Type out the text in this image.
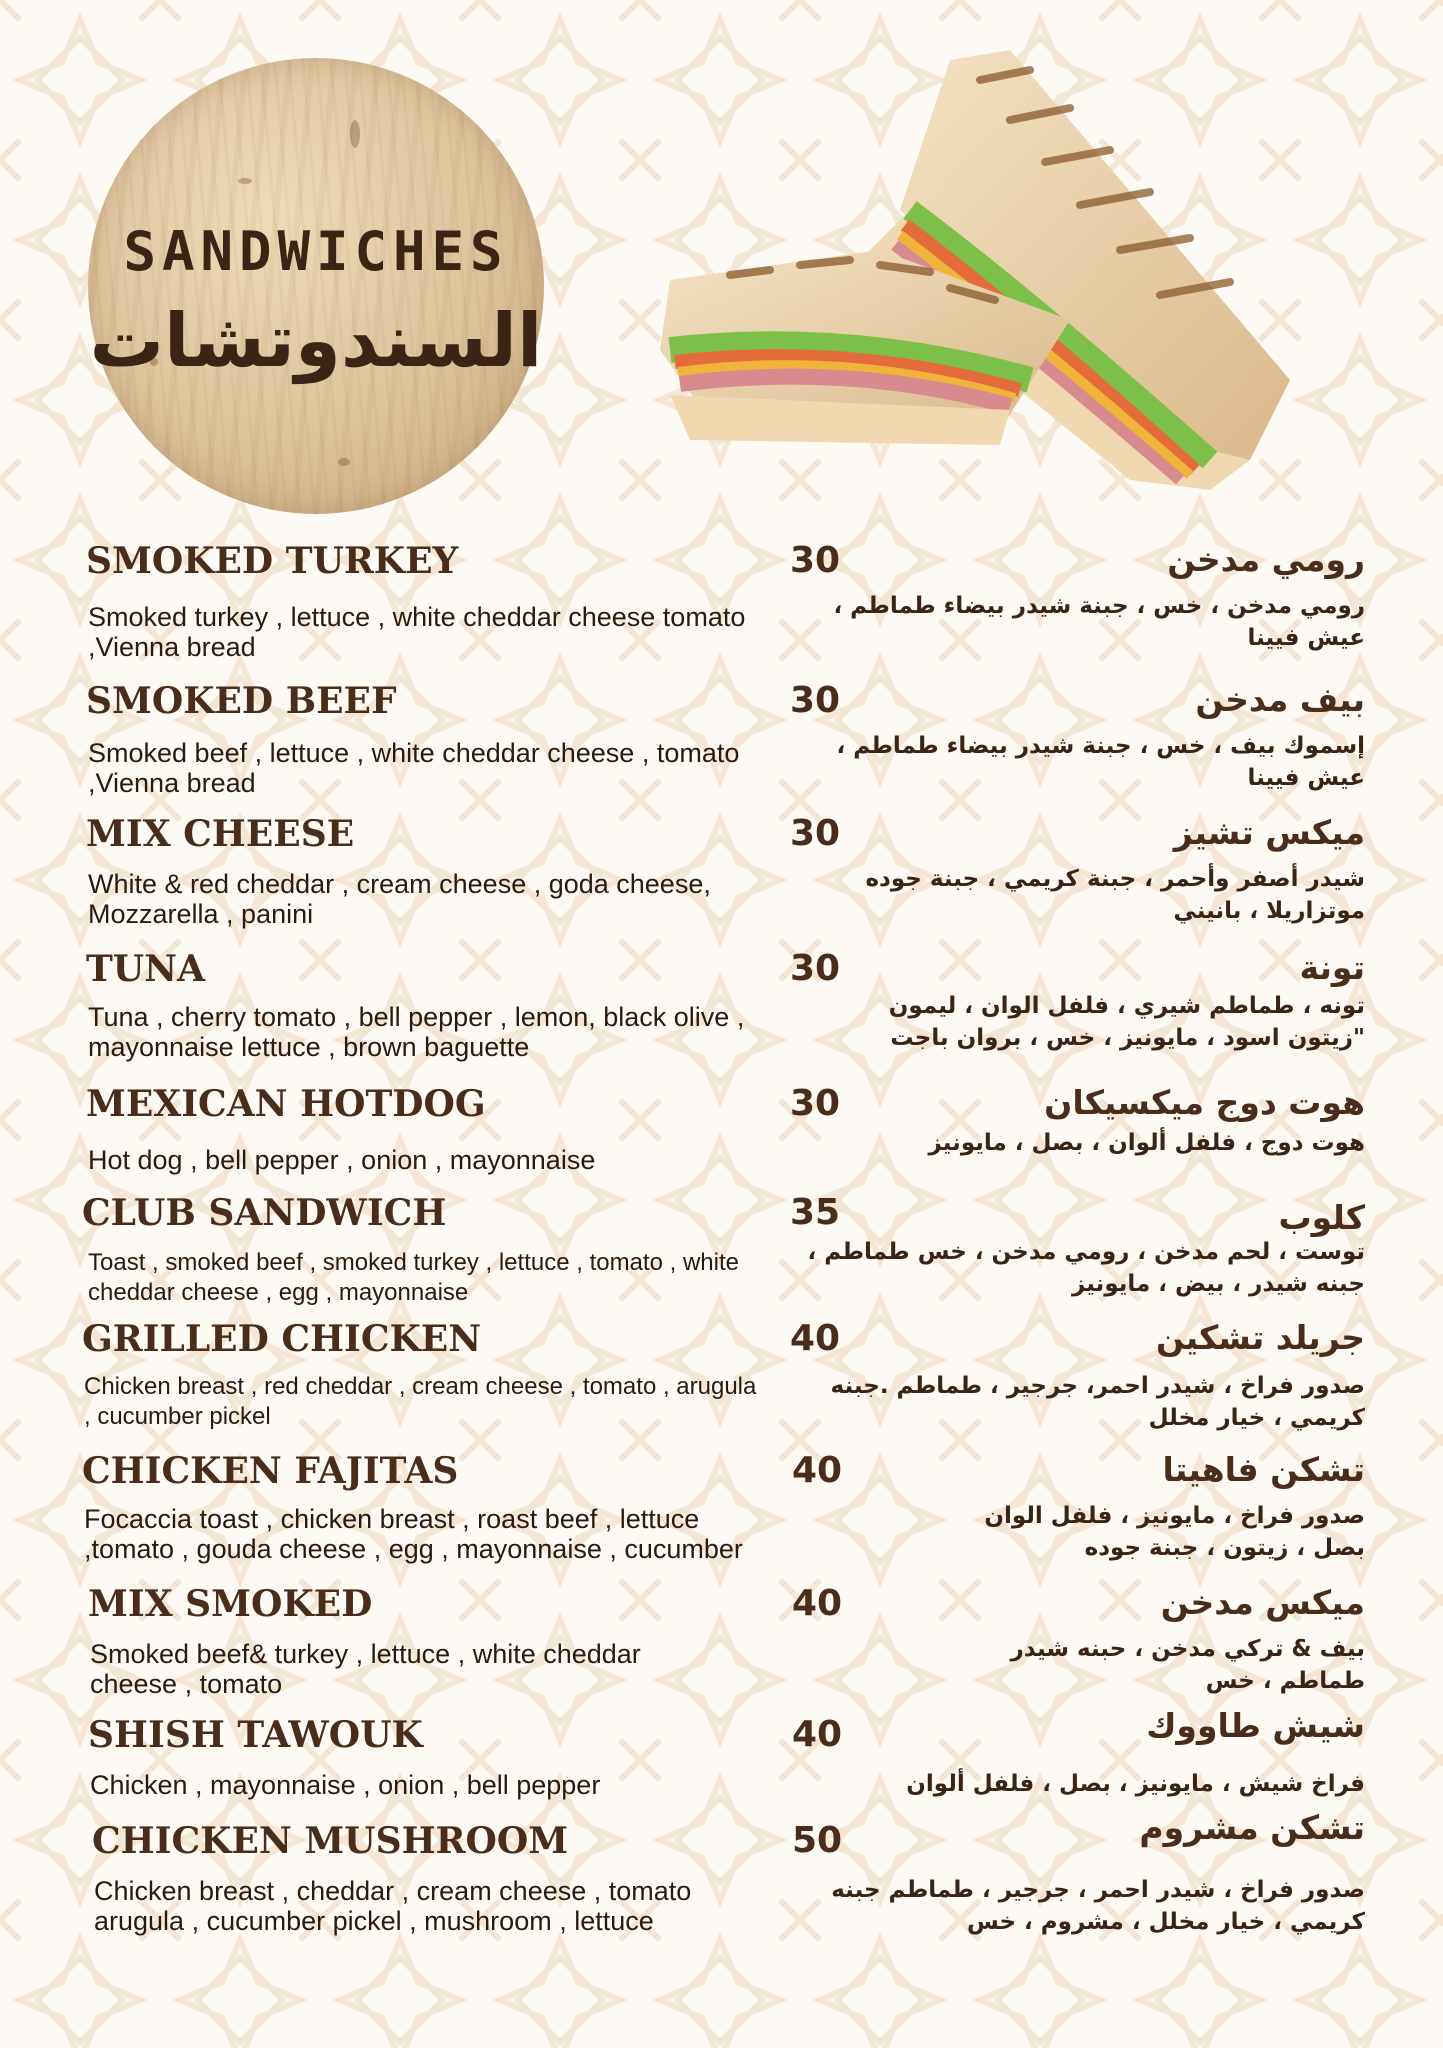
SANDWICHES
السندوتشات
SMOKED TURKEY	30
Smoked turkey , lettuce , white cheddar cheese tomato ,Vienna bread
رومي مدخن
رومي مدخن ، خس ، جبنة شيدر بيضاء طماطم ، عيش فيينا
SMOKED BEEF	30
Smoked beef , lettuce , white cheddar cheese , tomato ,Vienna bread
بيف مدخن
إسموك بيف ، خس ، جبنة شيدر بيضاء طماطم ، عيش فيينا
MIX CHEESE	30
White & red cheddar , cream cheese , goda cheese, Mozzarella , panini
ميكس تشيز
شيدر أصفر وأحمر ، جبنة كريمي ، جبنة جوده موتزاريلا ، بانيني
TUNA	30
Tuna , cherry tomato , bell pepper , lemon, black olive , mayonnaise lettuce , brown baguette
تونة
تونه ، طماطم شيري ، فلفل الوان ، ليمون "زيتون اسود ، مايونيز ، خس ، بروان باجت
MEXICAN HOTDOG	30
Hot dog , bell pepper , onion , mayonnaise
هوت دوج ميكسيكان
هوت دوج ، فلفل ألوان ، بصل ، مايونيز
CLUB SANDWICH	35
Toast , smoked beef , smoked turkey , lettuce , tomato , white cheddar cheese , egg , mayonnaise
كلوب
توست ، لحم مدخن ، رومي مدخن ، خس طماطم ، جبنه شيدر ، بيض ، مايونيز
GRILLED CHICKEN	40
Chicken breast , red cheddar , cream cheese , tomato , arugula , cucumber pickel
جريلد تشكين
صدور فراخ ، شيدر احمر، جرجير ، طماطم .جبنه كريمي ، خيار مخلل
CHICKEN FAJITAS	40
Focaccia toast , chicken breast , roast beef , lettuce ,tomato , gouda cheese , egg , mayonnaise , cucumber
تشكن فاهيتا
صدور فراخ ، مايونيز ، فلفل الوان بصل ، زيتون ، جبنة جوده
MIX SMOKED	40
Smoked beef& turkey , lettuce , white cheddar cheese , tomato
ميكس مدخن
بيف & تركي مدخن ، حبنه شيدر طماطم ، خس
SHISH TAWOUK	40
Chicken , mayonnaise , onion , bell pepper
شيش طاووك
فراخ شيش ، مايونيز ، بصل ، فلفل ألوان
CHICKEN MUSHROOM	50
Chicken breast , cheddar , cream cheese , tomato arugula , cucumber pickel , mushroom , lettuce
تشكن مشروم
صدور فراخ ، شيدر احمر ، جرجير ، طماطم جبنه كريمي ، خيار مخلل ، مشروم ، خس
